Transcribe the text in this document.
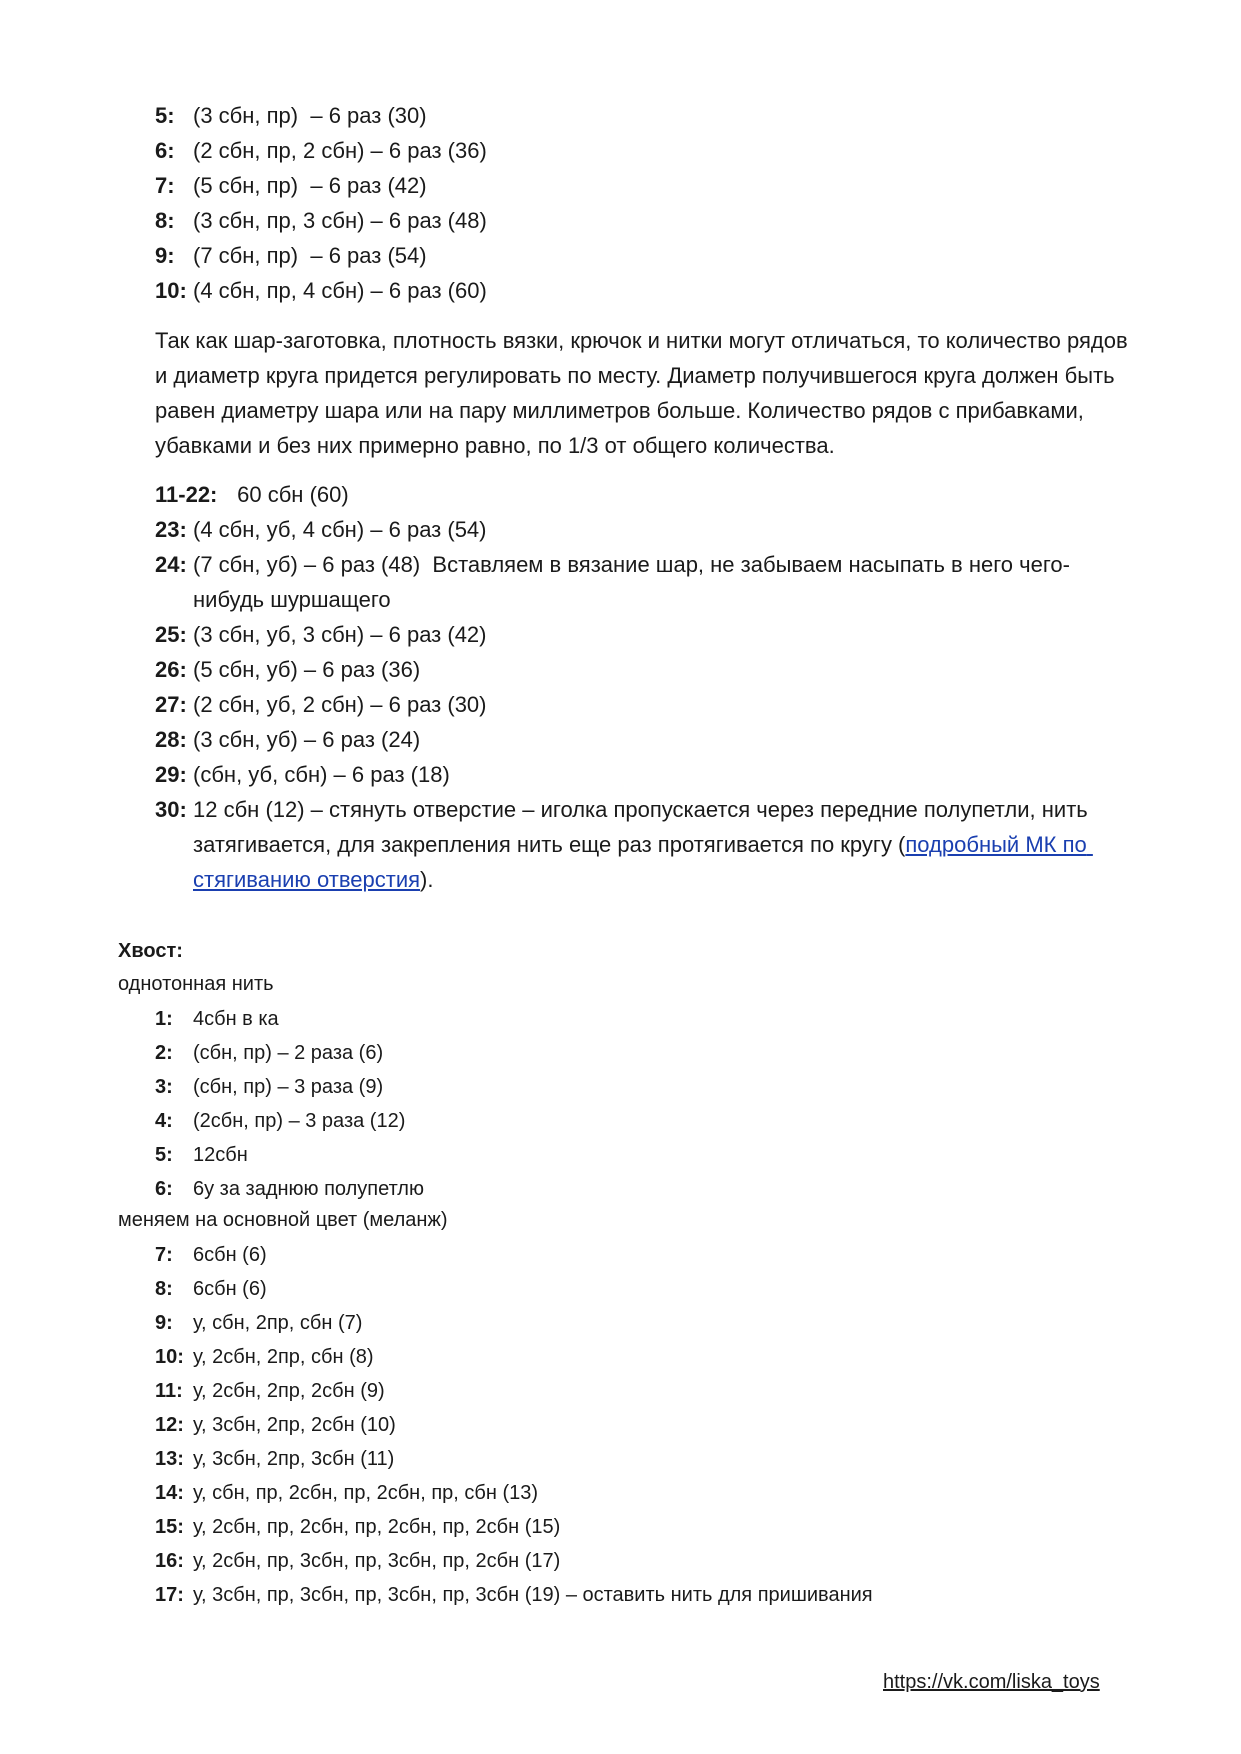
5: (3 сбн, пр)  – 6 раз (30)
6: (2 сбн, пр, 2 сбн) – 6 раз (36)
7: (5 сбн, пр)  – 6 раз (42)
8: (3 сбн, пр, 3 сбн) – 6 раз (48)
9: (7 сбн, пр)  – 6 раз (54)
10: (4 сбн, пр, 4 сбн) – 6 раз (60)

Так как шар-заготовка, плотность вязки, крючок и нитки могут отличаться, то количество рядов и диаметр круга придется регулировать по месту. Диаметр получившегося круга должен быть равен диаметру шара или на пару миллиметров больше. Количество рядов с прибавками, убавками и без них примерно равно, по 1/3 от общего количества.

11-22: 60 сбн (60)
23: (4 сбн, уб, 4 сбн) – 6 раз (54)
24: (7 сбн, уб) – 6 раз (48)  Вставляем в вязание шар, не забываем насыпать в него чего-нибудь шуршащего
25: (3 сбн, уб, 3 сбн) – 6 раз (42)
26: (5 сбн, уб) – 6 раз (36)
27: (2 сбн, уб, 2 сбн) – 6 раз (30)
28: (3 сбн, уб) – 6 раз (24)
29: (сбн, уб, сбн) – 6 раз (18)
30: 12 сбн (12) – стянуть отверстие – иголка пропускается через передние полупетли, нить затягивается, для закрепления нить еще раз протягивается по кругу (подробный МК по стягиванию отверстия).

Хвост:

однотонная нить

1:	4сбн в ка
2:	(сбн, пр) – 2 раза (6)
3:	(сбн, пр) – 3 раза (9)
4:	(2сбн, пр) – 3 раза (12)
5:	12сбн
6:	6у за заднюю полупетлю

меняем на основной цвет (меланж)

7:	6сбн (6)
8:	6сбн (6)
9:	у, сбн, 2пр, сбн (7)
10: у, 2сбн, 2пр, сбн (8)
11: у, 2сбн, 2пр, 2сбн (9)
12: у, 3сбн, 2пр, 2сбн (10)
13: у, 3сбн, 2пр, 3сбн (11)
14: у, сбн, пр, 2сбн, пр, 2сбн, пр, сбн (13)
15: у, 2сбн, пр, 2сбн, пр, 2сбн, пр, 2сбн (15)
16: у, 2сбн, пр, 3сбн, пр, 3сбн, пр, 2сбн (17)
17: у, 3сбн, пр, 3сбн, пр, 3сбн, пр, 3сбн (19) – оставить нить для пришивания
https://vk.com/liska_toys
